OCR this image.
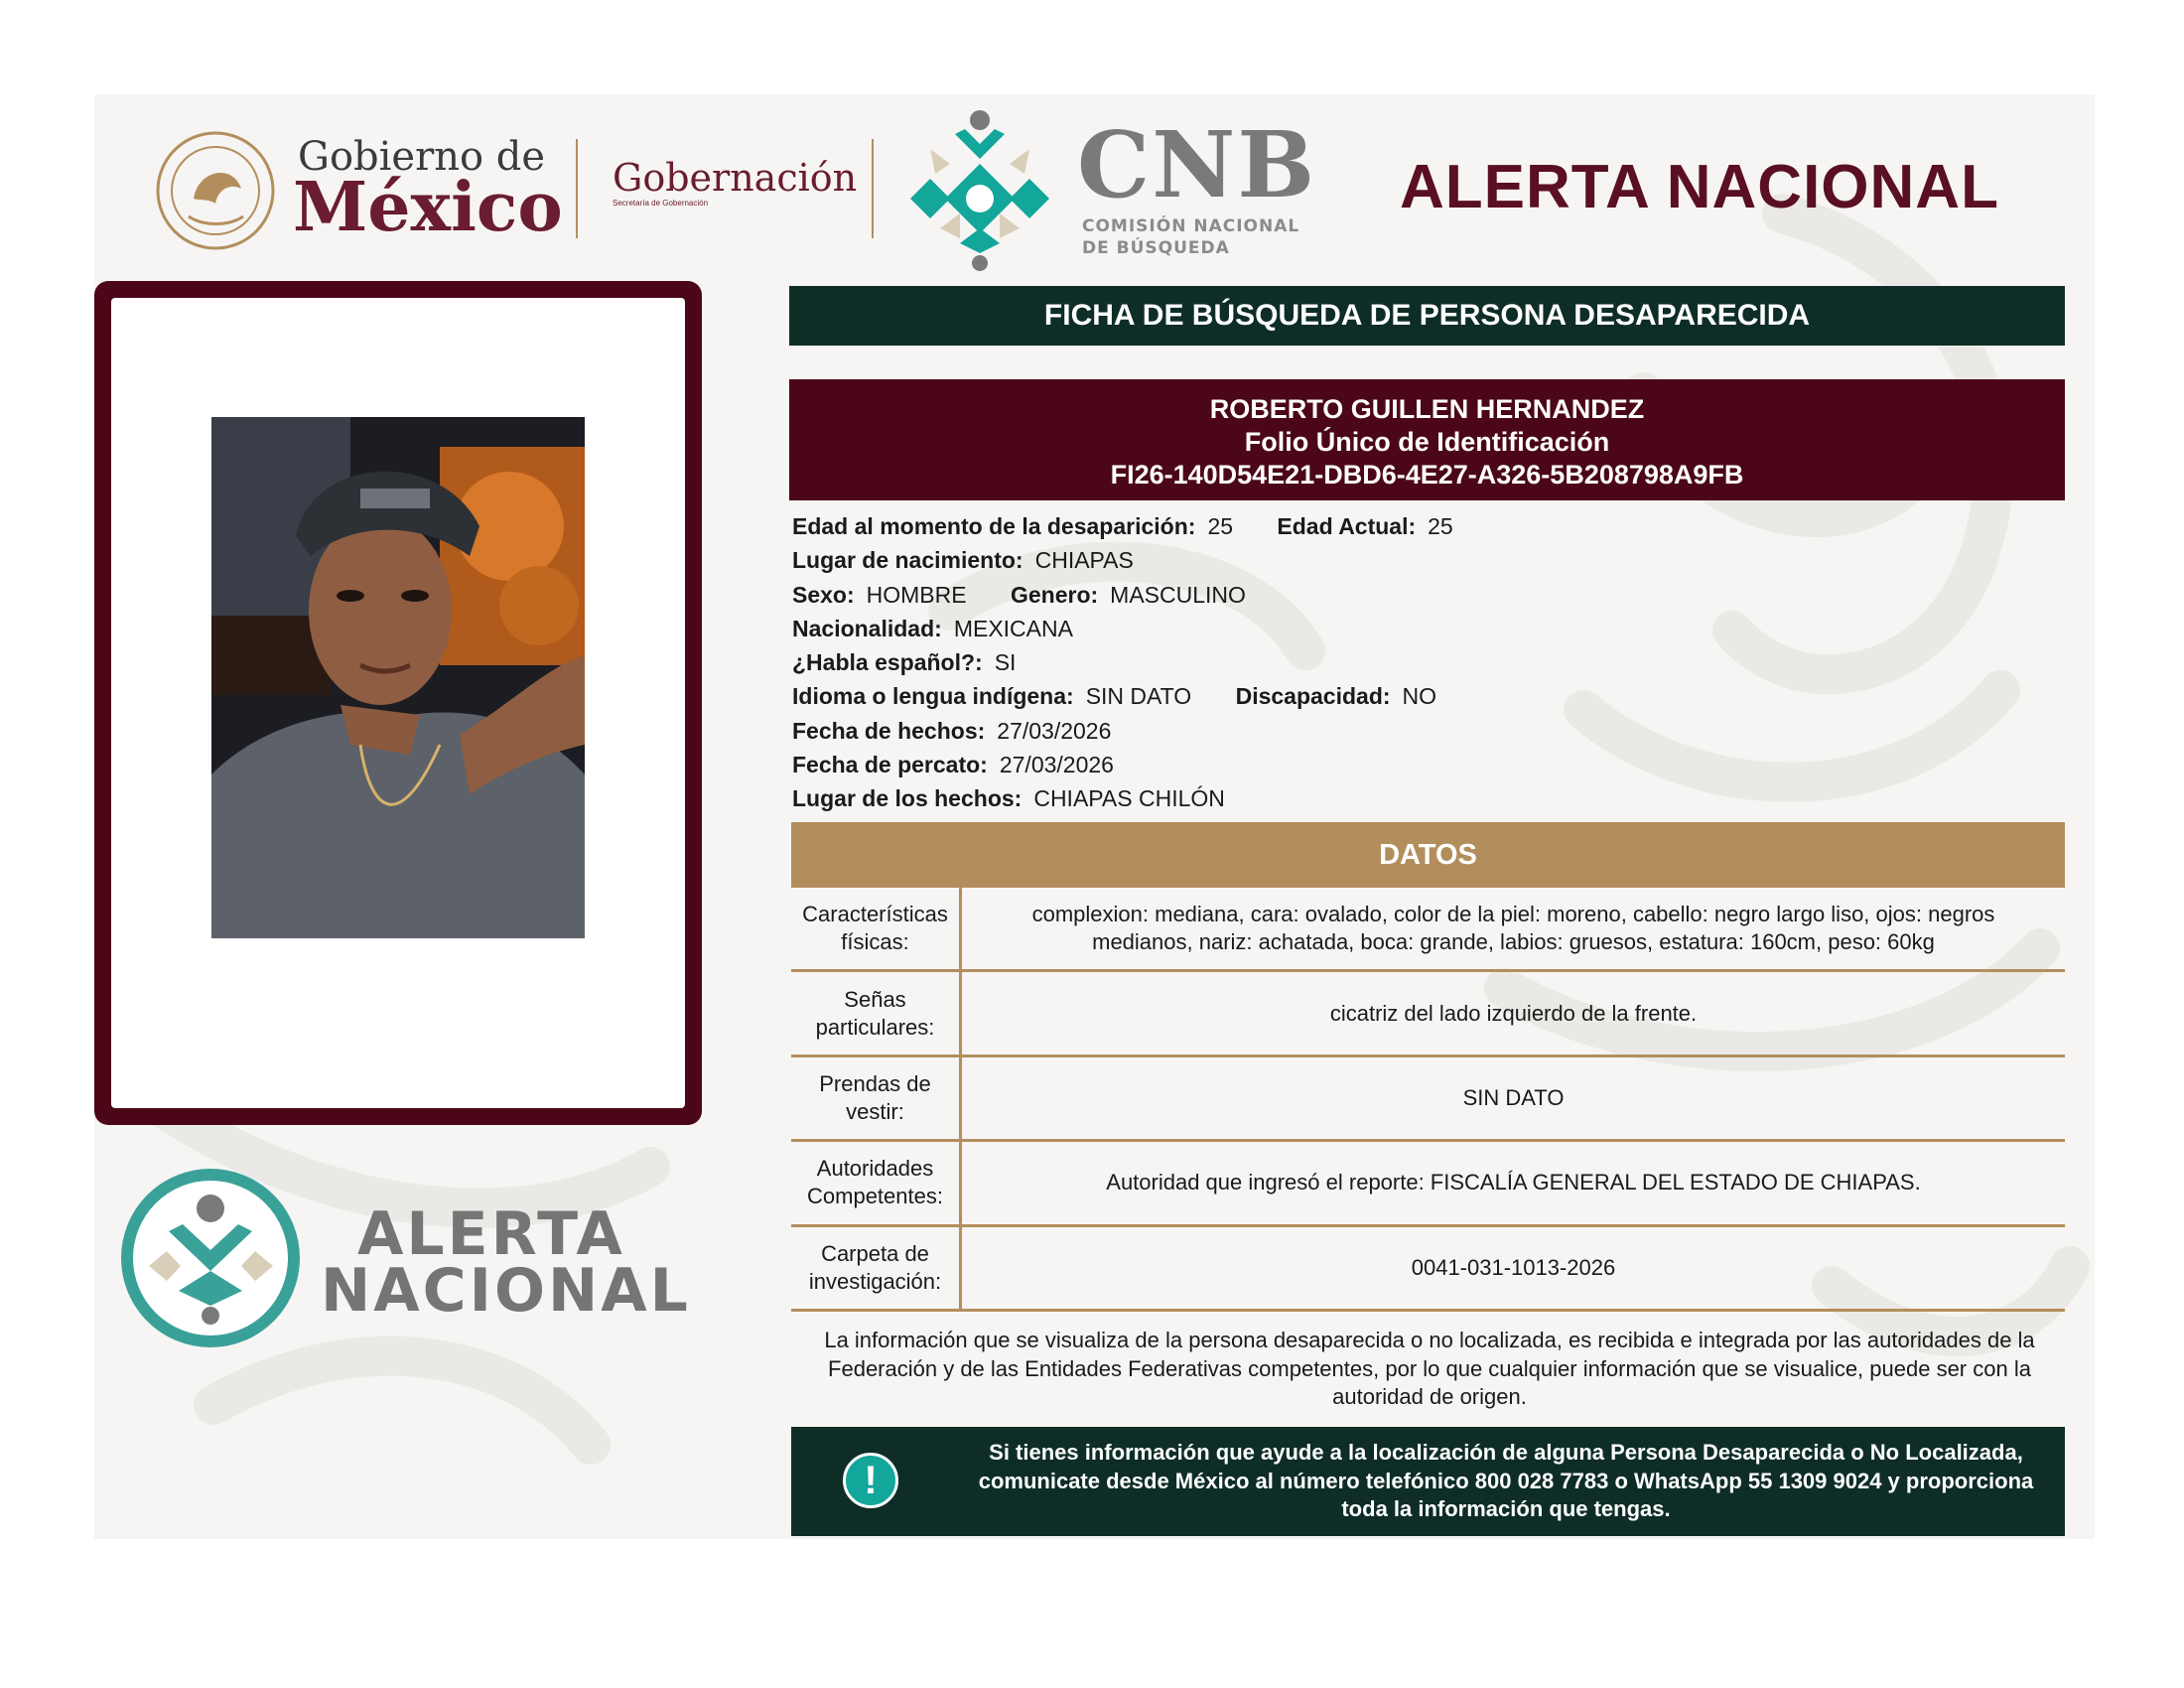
Gobierno de
México Gobernación
Secretaría de Gobernación	CNB
COMISIÓN NACIONAL
DE BÚSQUEDA
ALERTA NACIONAL
ALERTA
NACIONAL
FICHA DE BÚSQUEDA DE PERSONA DESAPARECIDA
ROBERTO GUILLEN HERNANDEZ
Folio Único de Identificación
FI26-140D54E21-DBD6-4E27-A326-5B208798A9FB
Edad al momento de la desaparición: 25 Edad Actual: 25
Lugar de nacimiento: CHIAPAS
Sexo: HOMBRE Genero: MASCULINO
Nacionalidad: MEXICANA
¿Habla español?: SI
Idioma o lengua indígena: SIN DATO Discapacidad: NO
Fecha de hechos: 27/03/2026
Fecha de percato: 27/03/2026
Lugar de los hechos: CHIAPAS CHILÓN
DATOS
Características
físicas:
complexion: mediana, cara: ovalado, color de la piel: moreno, cabello: negro largo liso, ojos: negros medianos, nariz: achatada, boca: grande, labios: gruesos, estatura: 160cm, peso: 60kg
Señas
particulares:
cicatriz del lado izquierdo de la frente.
Prendas de
vestir:
SIN DATO
Autoridades
Competentes:
Autoridad que ingresó el reporte: FISCALÍA GENERAL DEL ESTADO DE CHIAPAS.
Carpeta de
investigación:
0041-031-1013-2026
La información que se visualiza de la persona desaparecida o no localizada, es recibida e integrada por las autoridades de la Federación y de las Entidades Federativas competentes, por lo que cualquier información que se visualice, puede ser con la autoridad de origen.
!
Si tienes información que ayude a la localización de alguna Persona Desaparecida o No Localizada, comunicate desde México al número telefónico 800 028 7783 o WhatsApp 55 1309 9024 y proporciona toda la información que tengas.
